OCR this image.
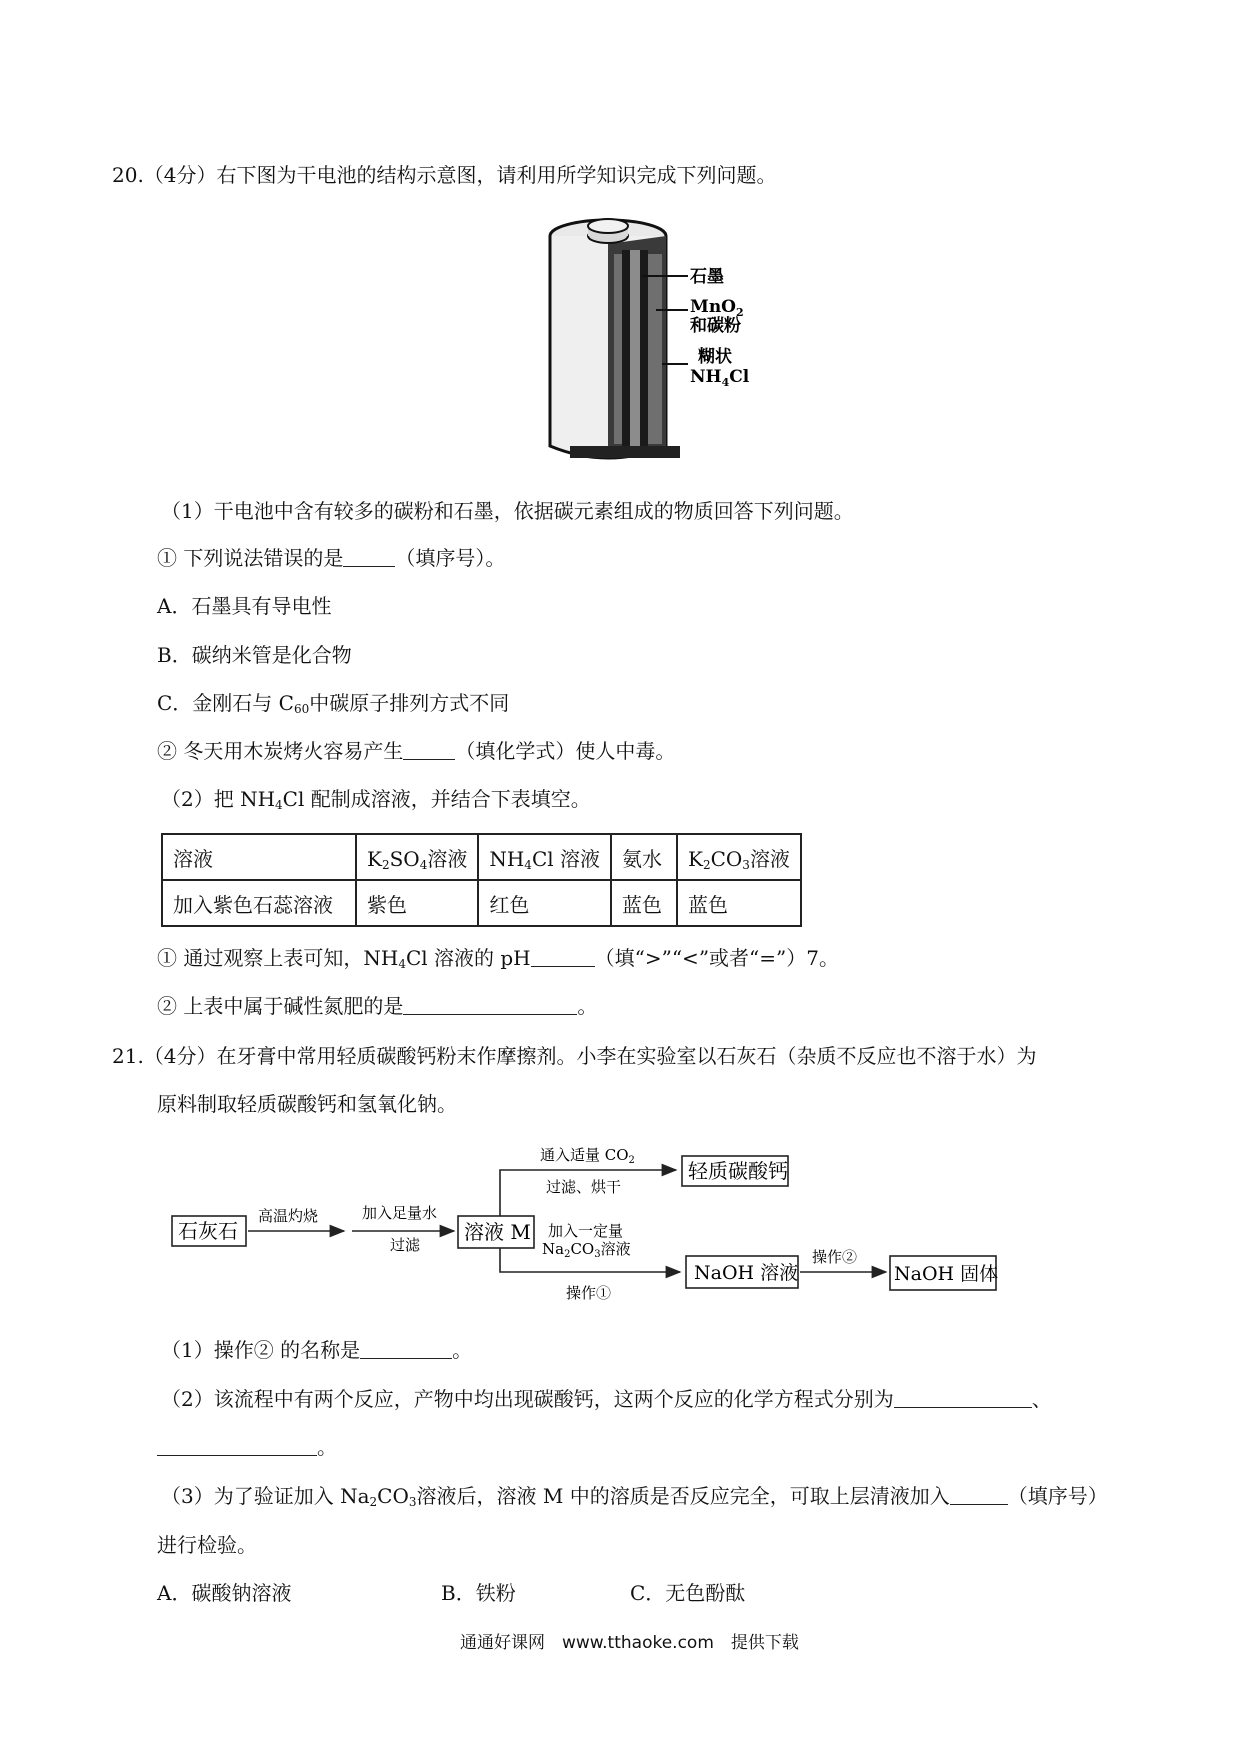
20.（4分）右下图为干电池的结构示意图，请利用所学知识完成下列问题。
石墨
MnO$_2$
和碳粉
糊状
$NH_4Cl$
（1）干电池中含有较多的碳粉和石墨，依据碳元素组成的物质回答下列问题。
① 下列说法错误的是	（填序号）。
A．石墨具有导电性
B．碳纳米管是化合物
C．金刚石与 $C_{60}$中碳原子排列方式不同
② 冬天用木炭烤火容易产生	（填化学式）使人中毒。
（2）把 $NH_4Cl$ 配制成溶液，并结合下表填空。
溶液	$K_2SO_4$溶液	$NH_4Cl$ 溶液	氨水	$K_2CO_3$溶液
加入紫色石蕊溶液	紫色	红色	蓝色	蓝色
① 通过观察上表可知，$NH_4Cl$ 溶液的 pH	（填“>”“<”或者“=”）7。
② 上表中属于碱性氮肥的是	。
21.（4分）在牙膏中常用轻质碳酸钙粉末作摩擦剂。小李在实验室以石灰石（杂质不反应也不溶于水）为
原料制取轻质碳酸钙和氢氧化钠。
石灰石
高温灼烧	加入足量水
过滤
溶液 M
通入适量 $CO_2$
过滤、烘干
轻质碳酸钙
加入一定量
$Na_2CO_3$溶液
操作①
NaOH 溶液
操作②
NaOH 固体
（1）操作② 的名称是	。
（2）该流程中有两个反应，产物中均出现碳酸钙，这两个反应的化学方程式分别为	、
。
（3）为了验证加入 $Na_2CO_3$溶液后，溶液 M 中的溶质是否反应完全，可取上层清液加入	（填序号）
进行检验。
A．碳酸钠溶液	B．铁粉	C．无色酚酞
通通好课网　www.tthaoke.com　提供下载
